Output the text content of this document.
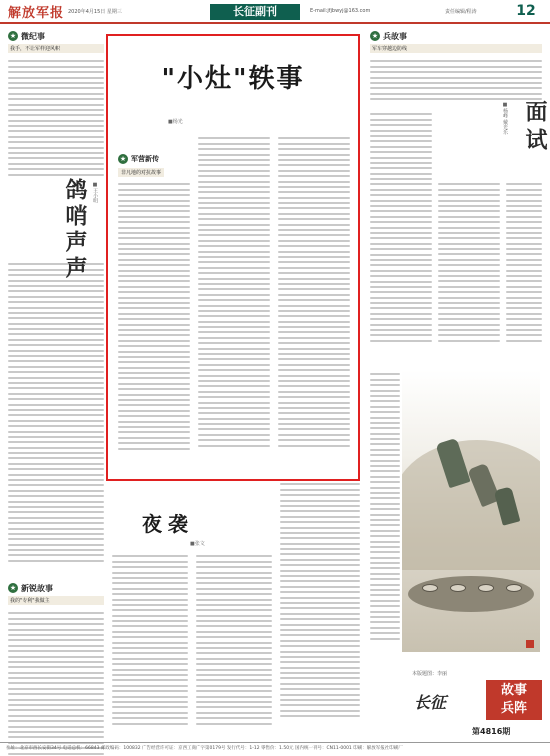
解放军报 2020年4月15日 星期三	长征副刊	E-mail:jfjbwyj@163.com	责任编辑/程涛	12
★ 微纪事
我手，不让军样迎风帜
★ 新锐故事
我的"专利"我做主
鸽哨声声 ■王小明
"小灶"轶事
■杨光
★ 军营新传
非凡地的对抗故事
夜袭
■张文
★ 兵故事
军车穿越边防线
面试
■杨峰 戴光乐
本版题图：李丽
长征
故事
兵阵
第4816期
社址：北京市西长安街34号 电话总机：66843 邮政编码：100832 广告经营许可证：京西工商广字第0179号 发行代号：1-12 零售价：1.50元 国内统一刊号：CN11-0001 印刷：解放军报社印刷厂
